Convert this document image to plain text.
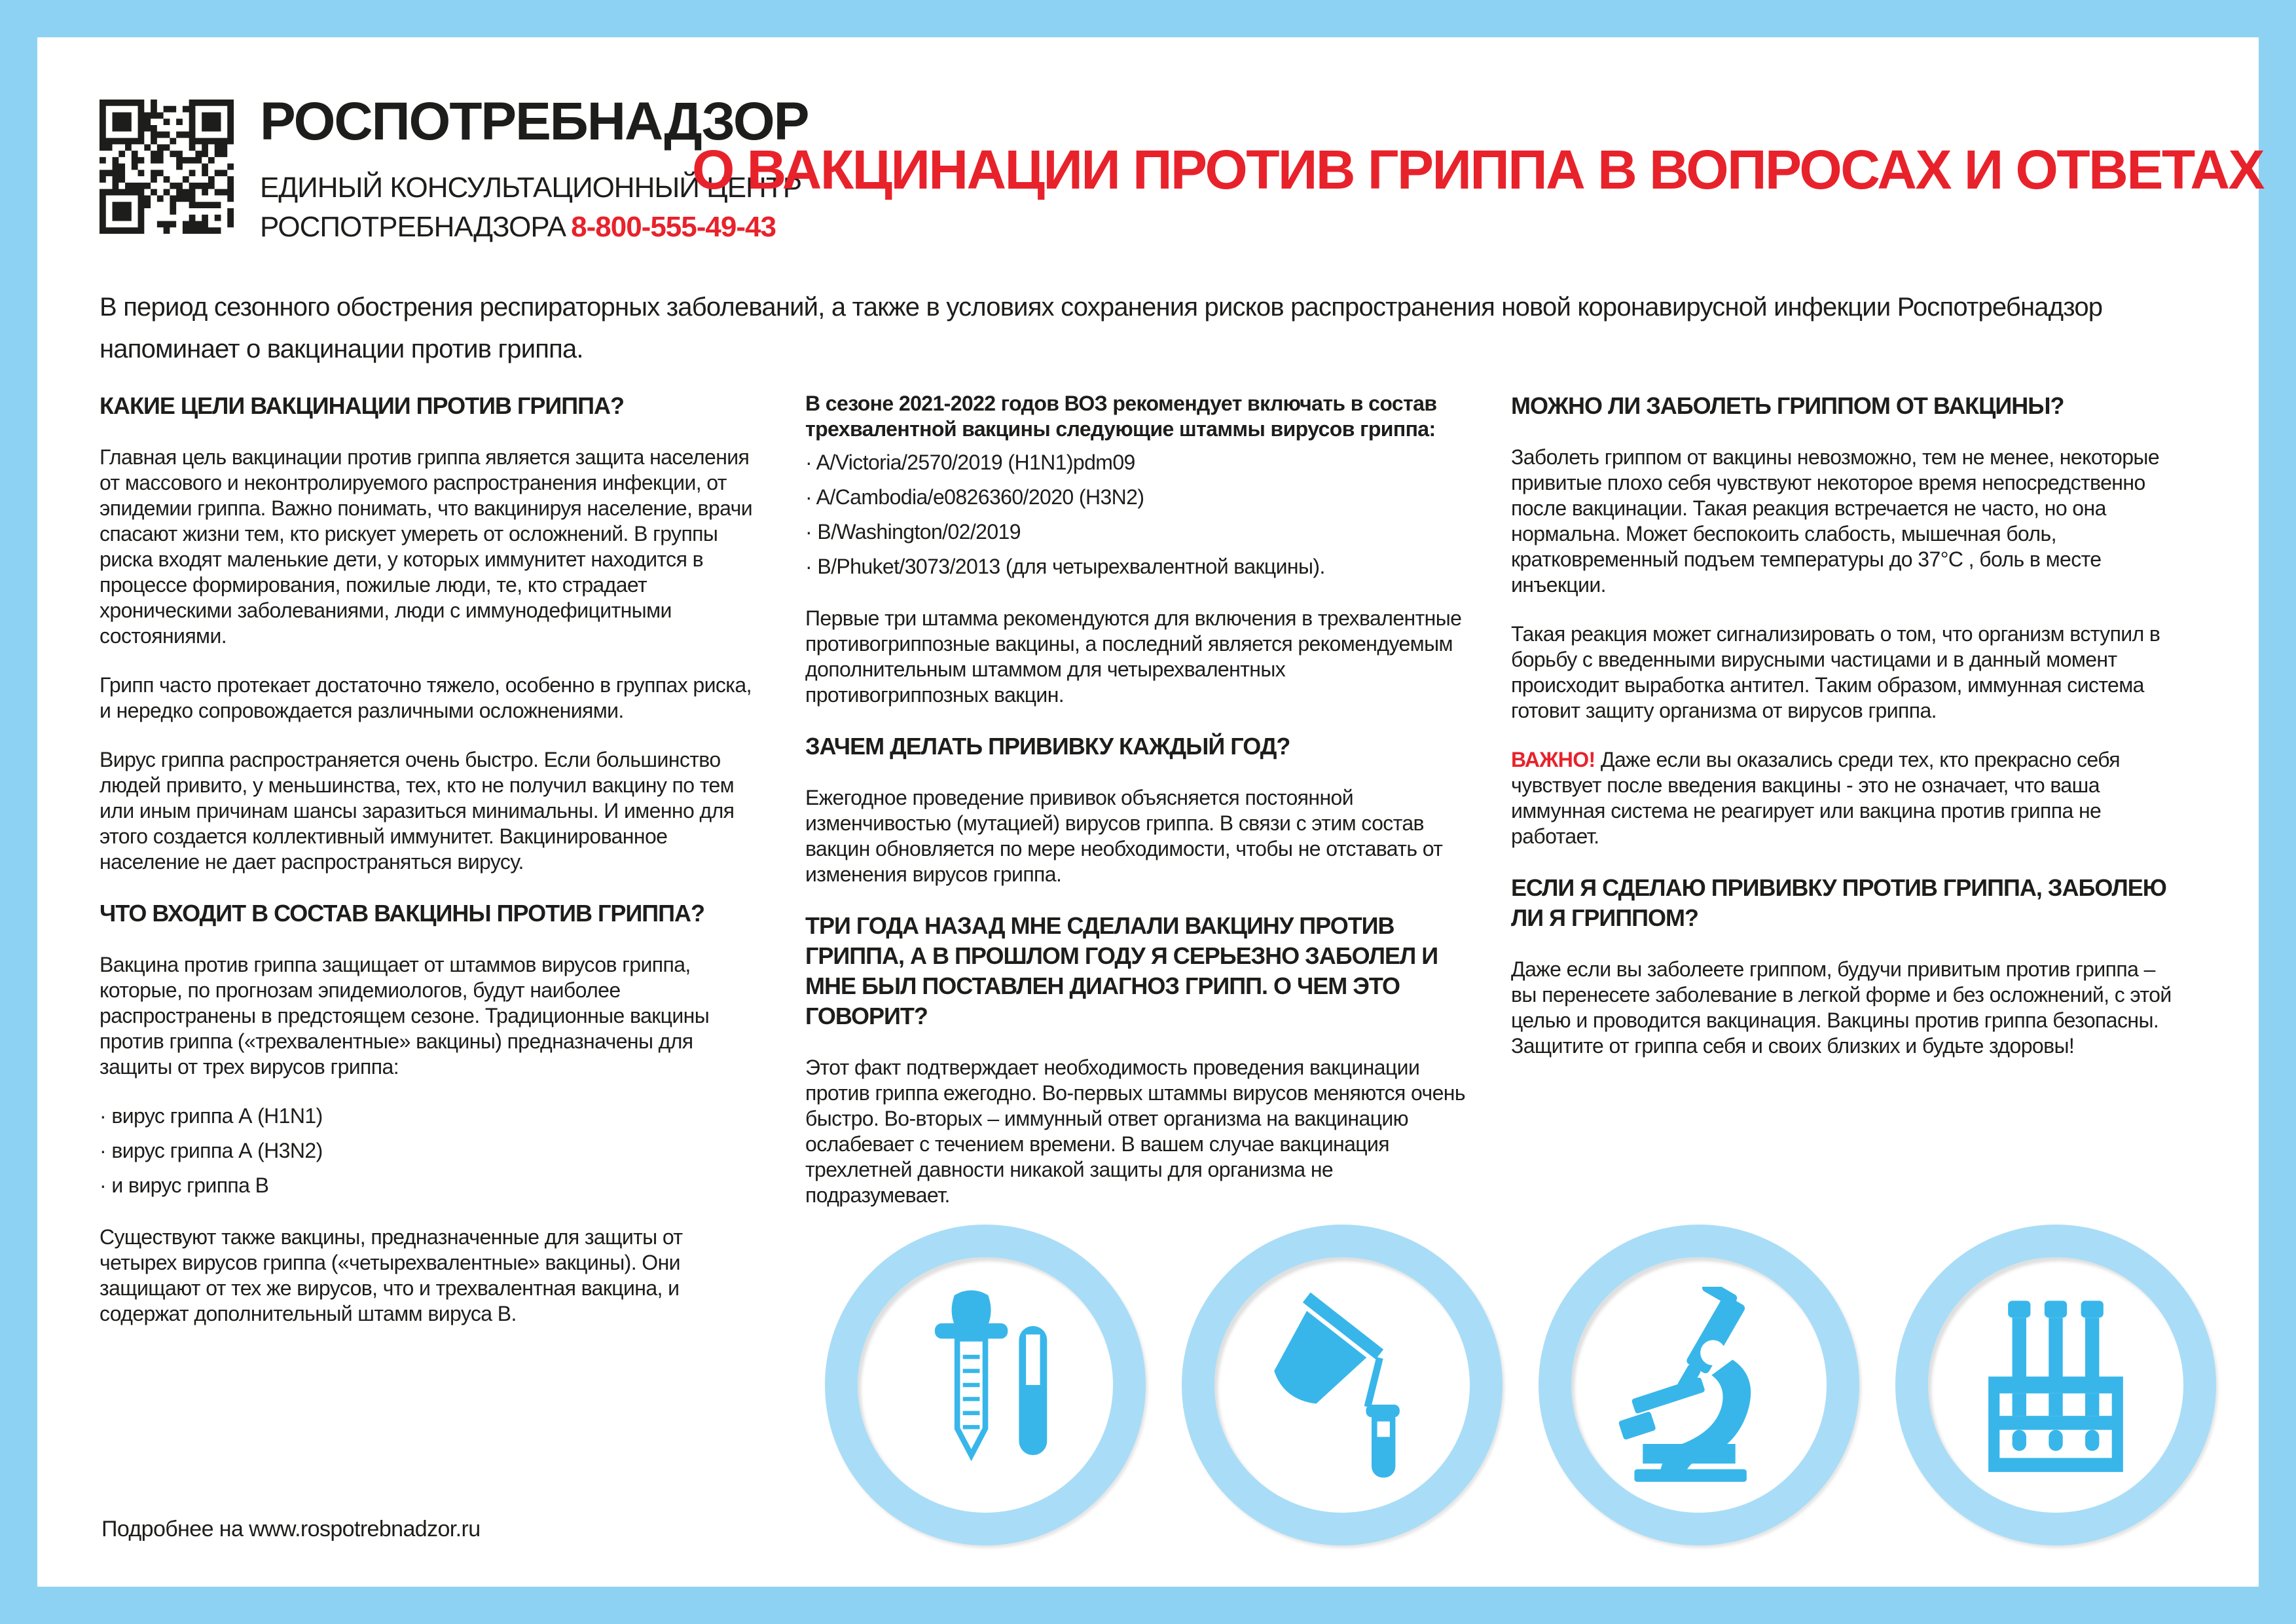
РОСПОТРЕБНАДЗОР
ЕДИНЫЙ КОНСУЛЬТАЦИОННЫЙ ЦЕНТР
РОСПОТРЕБНАДЗОРА 8-800-555-49-43
О ВАКЦИНАЦИИ ПРОТИВ ГРИППА В ВОПРОСАХ И ОТВЕТАХ

В период сезонного обострения респираторных заболеваний, а также в условиях сохранения рисков распространения новой коронавирусной инфекции Роспотребнадзор напоминает о вакцинации против гриппа.

КАКИЕ ЦЕЛИ ВАКЦИНАЦИИ ПРОТИВ ГРИППА?

Главная цель вакцинации против гриппа является защита населения от массового и неконтролируемого распространения инфекции, от эпидемии гриппа. Важно понимать, что вакцинируя население, врачи спасают жизни тем, кто рискует умереть от осложнений. В группы риска входят маленькие дети, у которых иммунитет находится в процессе формирования, пожилые люди, те, кто страдает хроническими заболеваниями, люди с иммунодефицитными состояниями.

Грипп часто протекает достаточно тяжело, особенно в группах риска, и нередко сопровождается различными осложнениями.

Вирус гриппа распространяется очень быстро. Если большинство людей привито, у меньшинства, тех, кто не получил вакцину по тем или иным причинам шансы заразиться минимальны. И именно для этого создается коллективный иммунитет. Вакцинированное население не дает распространяться вирусу.

ЧТО ВХОДИТ В СОСТАВ ВАКЦИНЫ ПРОТИВ ГРИППА?

Вакцина против гриппа защищает от штаммов вирусов гриппа, которые, по прогнозам эпидемиологов, будут наиболее распространены в предстоящем сезоне. Традиционные вакцины против гриппа («трехвалентные» вакцины) предназначены для защиты от трех вирусов гриппа:

· вирус гриппа А (H1N1)
· вирус гриппа А (H3N2)
· и вирус гриппа В

Существуют также вакцины, предназначенные для защиты от четырех вирусов гриппа («четырехвалентные» вакцины). Они защищают от тех же вирусов, что и трехвалентная вакцина, и содержат дополнительный штамм вируса В.

В сезоне 2021-2022 годов ВОЗ рекомендует включать в состав трехвалентной вакцины следующие штаммы вирусов гриппа:

· A/Victoria/2570/2019 (H1N1)pdm09
· A/Cambodia/e0826360/2020 (H3N2)
· B/Washington/02/2019
· B/Phuket/3073/2013 (для четырехвалентной вакцины).

Первые три штамма рекомендуются для включения в трехвалентные противогриппозные вакцины, а последний является рекомендуемым дополнительным штаммом для четырехвалентных противогриппозных вакцин.

ЗАЧЕМ ДЕЛАТЬ ПРИВИВКУ КАЖДЫЙ ГОД?

Ежегодное проведение прививок объясняется постоянной изменчивостью (мутацией) вирусов гриппа. В связи с этим состав вакцин обновляется по мере необходимости, чтобы не отставать от изменения вирусов гриппа.

ТРИ ГОДА НАЗАД МНЕ СДЕЛАЛИ ВАКЦИНУ ПРОТИВ ГРИППА, А В ПРОШЛОМ ГОДУ Я СЕРЬЕЗНО ЗАБОЛЕЛ И МНЕ БЫЛ ПОСТАВЛЕН ДИАГНОЗ ГРИПП. О ЧЕМ ЭТО ГОВОРИТ?

Этот факт подтверждает необходимость проведения вакцинации против гриппа ежегодно. Во-первых штаммы вирусов меняются очень быстро. Во-вторых – иммунный ответ организма на вакцинацию ослабевает с течением времени. В вашем случае вакцинация трехлетней давности никакой защиты для организма не подразумевает.

МОЖНО ЛИ ЗАБОЛЕТЬ ГРИППОМ ОТ ВАКЦИНЫ?

Заболеть гриппом от вакцины невозможно, тем не менее, некоторые привитые плохо себя чувствуют некоторое время непосредственно после вакцинации. Такая реакция встречается не часто, но она нормальна. Может беспокоить слабость, мышечная боль, кратковременный подъем температуры до 37°С , боль в месте инъекции.

Такая реакция может сигнализировать о том, что организм вступил в борьбу с введенными вирусными частицами и в данный момент происходит выработка антител. Таким образом, иммунная система готовит защиту организма от вирусов гриппа.

ВАЖНО! Даже если вы оказались среди тех, кто прекрасно себя чувствует после введения вакцины - это не означает, что ваша иммунная система не реагирует или вакцина против гриппа не работает.

ЕСЛИ Я СДЕЛАЮ ПРИВИВКУ ПРОТИВ ГРИППА, ЗАБОЛЕЮ ЛИ Я ГРИППОМ?

Даже если вы заболеете гриппом, будучи привитым против гриппа – вы перенесете заболевание в легкой форме и без осложнений, с этой целью и проводится вакцинация. Вакцины против гриппа безопасны. Защитите от гриппа себя и своих близких и будьте здоровы!

Подробнее на www.rospotrebnadzor.ru
